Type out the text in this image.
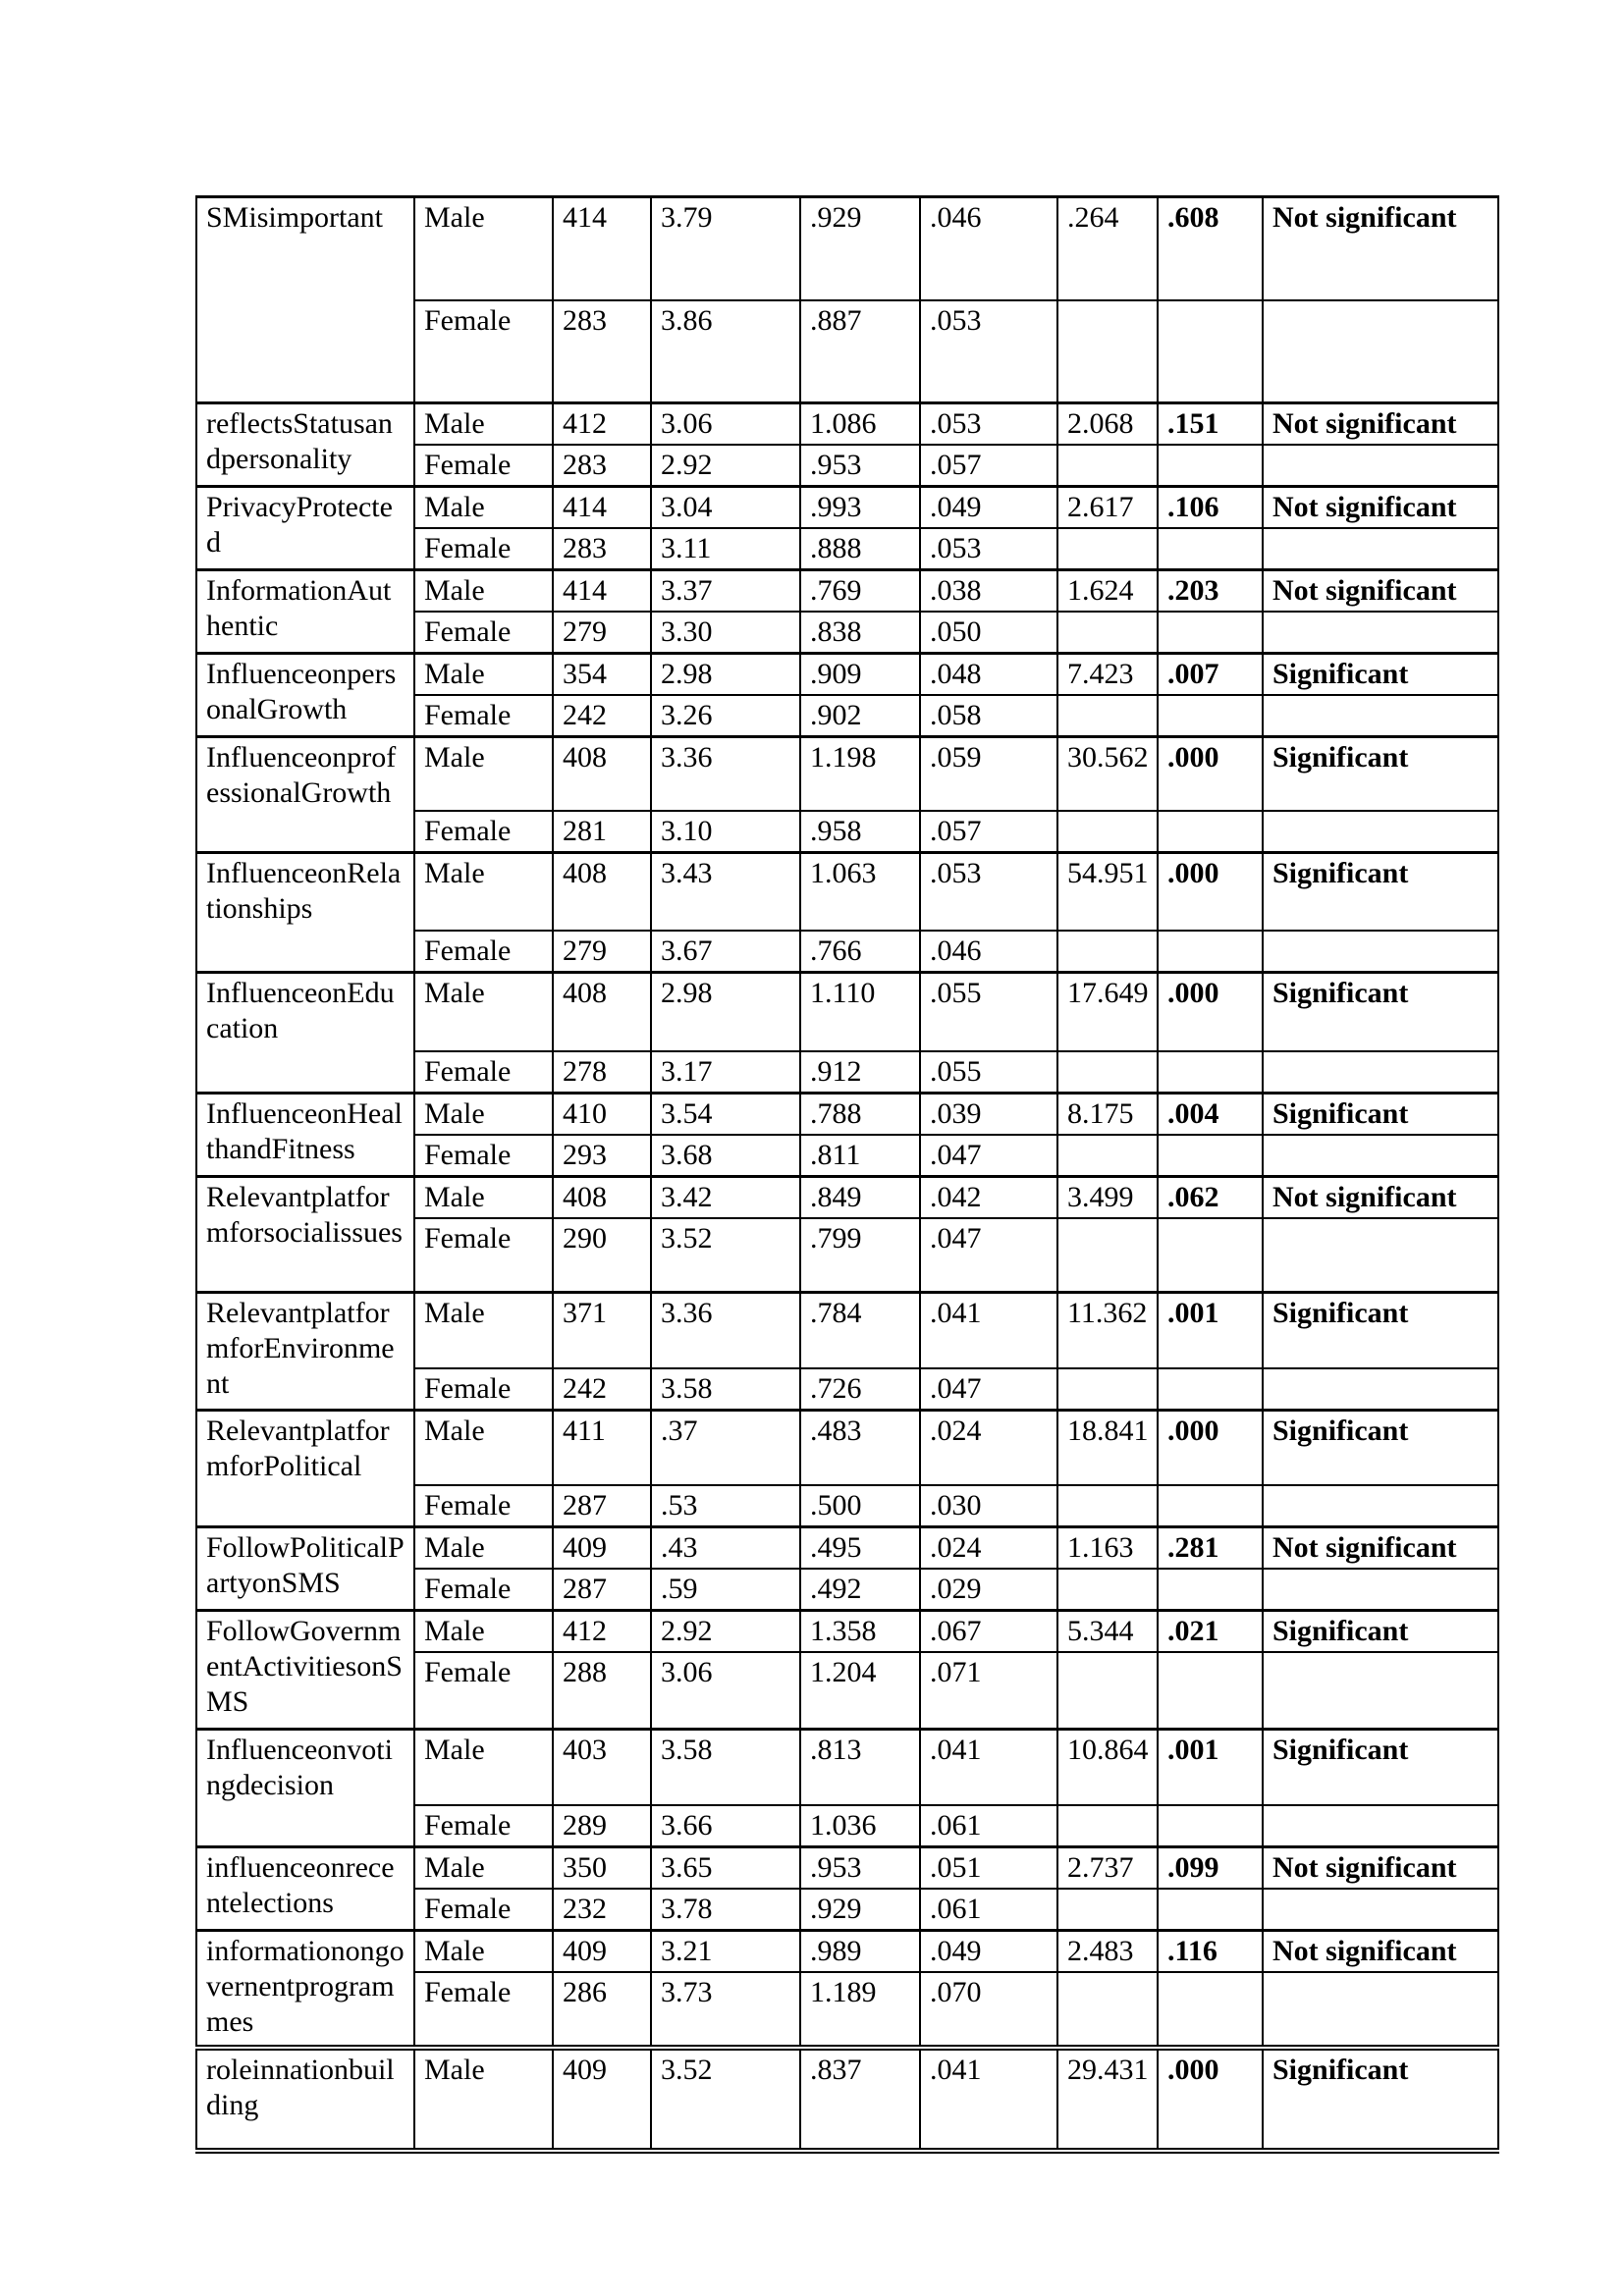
SMisimportant	Male	414	3.79	.929	.046	.264	.608	Not significant
	Female	283	3.86	.887	.053			
reflectsStatusandpersonality	Male	412	3.06	1.086	.053	2.068	.151	Not significant
	Female	283	2.92	.953	.057			
PrivacyProtected	Male	414	3.04	.993	.049	2.617	.106	Not significant
	Female	283	3.11	.888	.053			
InformationAuthentic	Male	414	3.37	.769	.038	1.624	.203	Not significant
	Female	279	3.30	.838	.050			
InfluenceonpersonalGrowth	Male	354	2.98	.909	.048	7.423	.007	Significant
	Female	242	3.26	.902	.058			
InfluenceonprofessionalGrowth	Male	408	3.36	1.198	.059	30.562	.000	Significant
	Female	281	3.10	.958	.057			
InfluenceonRelationships	Male	408	3.43	1.063	.053	54.951	.000	Significant
	Female	279	3.67	.766	.046			
InfluenceonEducation	Male	408	2.98	1.110	.055	17.649	.000	Significant
	Female	278	3.17	.912	.055			
InfluenceonHealthandFitness	Male	410	3.54	.788	.039	8.175	.004	Significant
	Female	293	3.68	.811	.047			
Relevantplatformforsocialissues	Male	408	3.42	.849	.042	3.499	.062	Not significant
	Female	290	3.52	.799	.047			
RelevantplatformforEnvironment	Male	371	3.36	.784	.041	11.362	.001	Significant
	Female	242	3.58	.726	.047			
RelevantplatformforPolitical	Male	411	.37	.483	.024	18.841	.000	Significant
	Female	287	.53	.500	.030			
FollowPoliticalPartyonSMS	Male	409	.43	.495	.024	1.163	.281	Not significant
	Female	287	.59	.492	.029			
FollowGovernmentActivitiesonSMS	Male	412	2.92	1.358	.067	5.344	.021	Significant
	Female	288	3.06	1.204	.071			
Influenceonvotingdecision	Male	403	3.58	.813	.041	10.864	.001	Significant
	Female	289	3.66	1.036	.061			
influenceonrecentelections	Male	350	3.65	.953	.051	2.737	.099	Not significant
	Female	232	3.78	.929	.061			
informationongovernentprogrammes	Male	409	3.21	.989	.049	2.483	.116	Not significant
	Female	286	3.73	1.189	.070			
roleinnationbuilding	Male	409	3.52	.837	.041	29.431	.000	Significant
